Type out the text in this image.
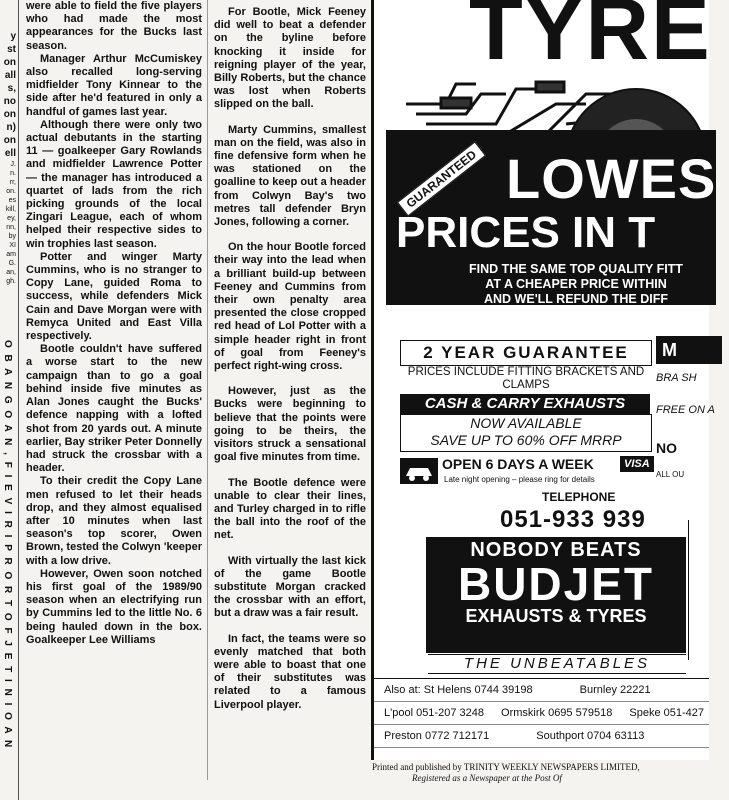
y
st
on
all
s,
no
on
n)
on
ell
J.
n.
rr,
on.
es
kill,
ey,
nn,
by
XI
am
G.
an,
gh.
O B A N G O A N , F I E V I R I P R O R T O F J E T I N I O A N

were able to field the five players who had made the most appearances for the Bucks last season.

Manager Arthur McCumiskey also recalled long-serving midfielder Tony Kinnear to the side after he'd featured in only a handful of games last year.

Although there were only two actual debutants in the starting 11 — goalkeeper Gary Rowlands and midfielder Lawrence Potter — the manager has introduced a quartet of lads from the rich picking grounds of the local Zingari League, each of whom helped their respective sides to win trophies last season.

Potter and winger Marty Cummins, who is no stranger to Copy Lane, guided Roma to success, while defenders Mick Cain and Dave Morgan were with Remyca United and East Villa respectively.

Bootle couldn't have suffered a worse start to the new campaign than to go a goal behind inside five minutes as Alan Jones caught the Bucks' defence napping with a lofted shot from 20 yards out. A minute earlier, Bay striker Peter Donnelly had struck the crossbar with a header.

To their credit the Copy Lane men refused to let their heads drop, and they almost equalised after 10 minutes when last season's top scorer, Owen Brown, tested the Colwyn 'keeper with a low drive.

However, Owen soon notched his first goal of the 1989/90 season when an electrifying run by Cummins led to the little No. 6 being hauled down in the box. Goalkeeper Lee Williams

For Bootle, Mick Feeney did well to beat a defender on the byline before knocking it inside for reigning player of the year, Billy Roberts, but the chance was lost when Roberts slipped on the ball.

Marty Cummins, smallest man on the field, was also in fine defensive form when he was stationed on the goalline to keep out a header from Colwyn Bay's two metres tall defender Bryn Jones, following a corner.

On the hour Bootle forced their way into the lead when a brilliant build-up between Feeney and Cummins from their own penalty area presented the close cropped red head of Lol Potter with a simple header right in front of goal from Feeney's perfect right-wing cross.

However, just as the Bucks were beginning to believe that the points were going to be theirs, the visitors struck a sensational goal five minutes from time.

The Bootle defence were unable to clear their lines, and Turley charged in to rifle the ball into the roof of the net.

With virtually the last kick of the game Bootle substitute Morgan cracked the crossbar with an effort, but a draw was a fair result.

In fact, the teams were so evenly matched that both were able to boast that one of their substitutes was related to a famous Liverpool player.

TYRE
GUARANTEED LOWES
PRICES IN T
FIND THE SAME TOP QUALITY FITT
AT A CHEAPER PRICE WITHIN
AND WE'LL REFUND THE DIFF
2 YEAR GUARANTEE
PRICES INCLUDE FITTING BRACKETS AND CLAMPS
CASH & CARRY EXHAUSTS
NOW AVAILABLE
SAVE UP TO 60% OFF MRRP
OPEN 6 DAYS A WEEK
Late night opening – please ring for details
VISA
TELEPHONE
051-933 939
NOBODY BEATS
BUDJET
EXHAUSTS & TYRES
THE UNBEATABLES
M
BRA SH
FREE ON A
NO
ALL OU
Also at: St Helens 0744 39198	Burnley 22221
L'pool 051-207 3248 Ormskirk 0695 579518 Speke 051-427
Preston 0772 712171	Southport 0704 63113
Printed and published by TRINITY WEEKLY NEWSPAPERS LIMITED,
Registered as a Newspaper at the Post Of
